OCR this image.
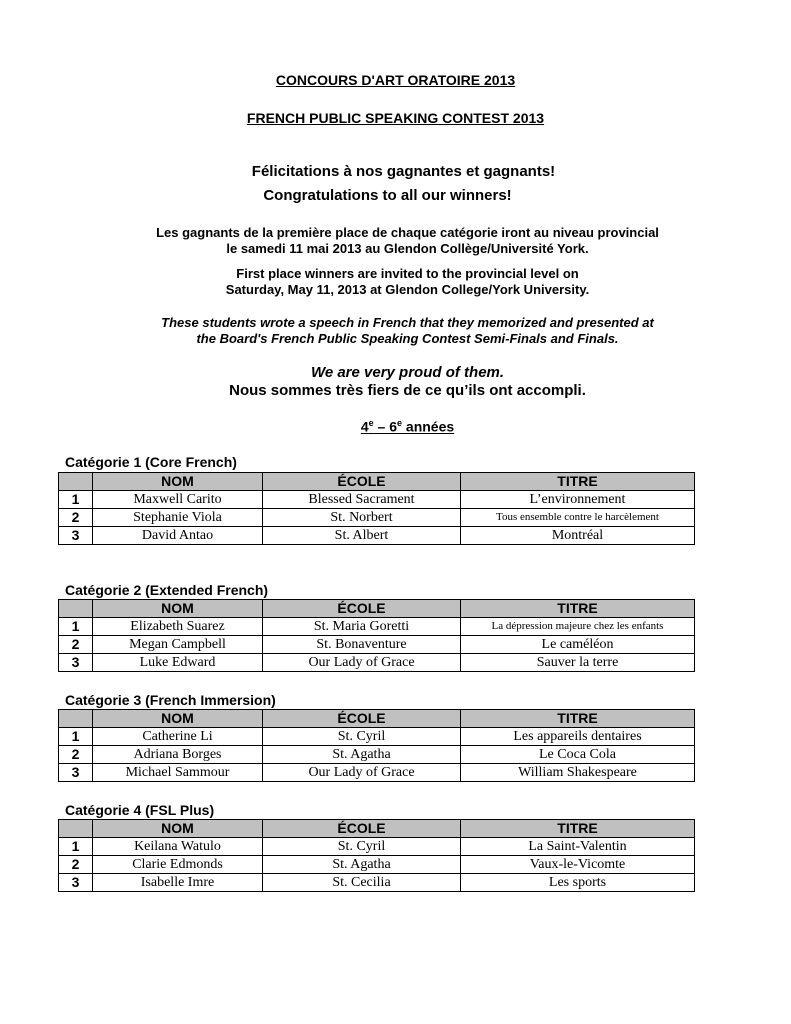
CONCOURS D'ART ORATOIRE 2013
FRENCH PUBLIC SPEAKING CONTEST 2013
Félicitations à nos gagnantes et gagnants!
Congratulations to all our winners!
Les gagnants de la première place de chaque catégorie iront au niveau provincial
le samedi 11 mai 2013 au Glendon Collège/Université York.
First place winners are invited to the provincial level on
Saturday, May 11, 2013 at Glendon College/York University.
These students wrote a speech in French that they memorized and presented at
the Board's French Public Speaking Contest Semi-Finals and Finals.
We are very proud of them.
Nous sommes très fiers de ce qu’ils ont accompli.
4e – 6e années
Catégorie 1 (Core French)
	NOM	ÉCOLE	TITRE
1	Maxwell Carito	Blessed Sacrament	L’environnement
2	Stephanie Viola	St. Norbert	Tous ensemble contre le harcèlement
3	David Antao	St. Albert	Montréal
Catégorie 2 (Extended French)
	NOM	ÉCOLE	TITRE
1	Elizabeth Suarez	St. Maria Goretti	La dépression majeure chez les enfants
2	Megan Campbell	St. Bonaventure	Le caméléon
3	Luke Edward	Our Lady of Grace	Sauver la terre
Catégorie 3 (French Immersion)
	NOM	ÉCOLE	TITRE
1	Catherine Li	St. Cyril	Les appareils dentaires
2	Adriana Borges	St. Agatha	Le Coca Cola
3	Michael Sammour	Our Lady of Grace	William Shakespeare
Catégorie 4 (FSL Plus)
	NOM	ÉCOLE	TITRE
1	Keilana Watulo	St. Cyril	La Saint-Valentin
2	Clarie Edmonds	St. Agatha	Vaux-le-Vicomte
3	Isabelle Imre	St. Cecilia	Les sports
